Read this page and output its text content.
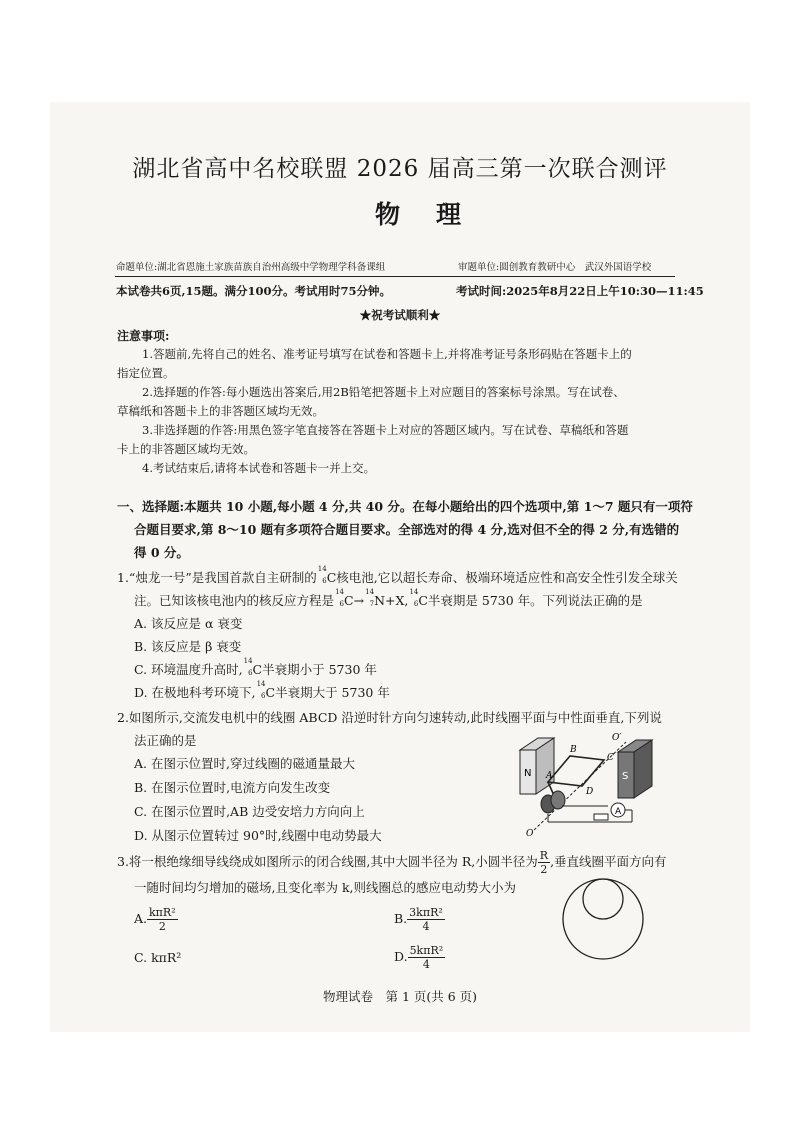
湖北省高中名校联盟 2026 届高三第一次联合测评
物理
命题单位:湖北省恩施土家族苗族自治州高级中学物理学科备课组	审题单位:圆创教育教研中心　武汉外国语学校
本试卷共6页,15题。满分100分。考试用时75分钟。	考试时间:2025年8月22日上午10:30—11:45
★祝考试顺利★
注意事项:
1.答题前,先将自己的姓名、准考证号填写在试卷和答题卡上,并将准考证号条形码贴在答题卡上的
指定位置。
2.选择题的作答:每小题选出答案后,用2B铅笔把答题卡上对应题目的答案标号涂黑。写在试卷、
草稿纸和答题卡上的非答题区域均无效。
3.非选择题的作答:用黑色签字笔直接答在答题卡上对应的答题区域内。写在试卷、草稿纸和答题
卡上的非答题区域均无效。
4.考试结束后,请将本试卷和答题卡一并上交。
一、选择题:本题共 10 小题,每小题 4 分,共 40 分。在每小题给出的四个选项中,第 1～7 题只有一项符
合题目要求,第 8～10 题有多项符合题目要求。全部选对的得 4 分,选对但不全的得 2 分,有选错的
得 0 分。
1.“烛龙一号”是我国首款自主研制的
14
6 C核电池,它以超长寿命、极端环境适应性和高安全性引发全球关
注。已知该核电池内的核反应方程是
14
6 C→
14
7 N+X,
14
6 C半衰期是 5730 年。下列说法正确的是
A. 该反应是 α 衰变
B. 该反应是 β 衰变
C. 环境温度升高时,
14
6 C半衰期小于 5730 年
D. 在极地科考环境下,
14
6 C半衰期大于 5730 年
2.如图所示,交流发电机中的线圈 ABCD 沿逆时针方向匀速转动,此时线圈平面与中性面垂直,下列说
法正确的是
A. 在图示位置时,穿过线圈的磁通量最大
B. 在图示位置时,电流方向发生改变
C. 在图示位置时,AB 边受安培力方向向上
D. 从图示位置转过 90°时,线圈中电动势最大
N	S
A
B
C
A
D
O′
O
3.将一根绝缘细导线绕成如图所示的闭合线圈,其中大圆半径为 R,小圆半径为 $\frac{R}{2}$ ,垂直线圈平面方向有
一随时间均匀增加的磁场,且变化率为 k,则线圈总的感应电动势大小为
A. $\frac{\text{kπR²}}{2}$	B. $\frac{\text{3kπR²}}{4}$
C. kπR²	D. $\frac{\text{5kπR²}}{4}$
物理试卷　第 1 页(共 6 页)
